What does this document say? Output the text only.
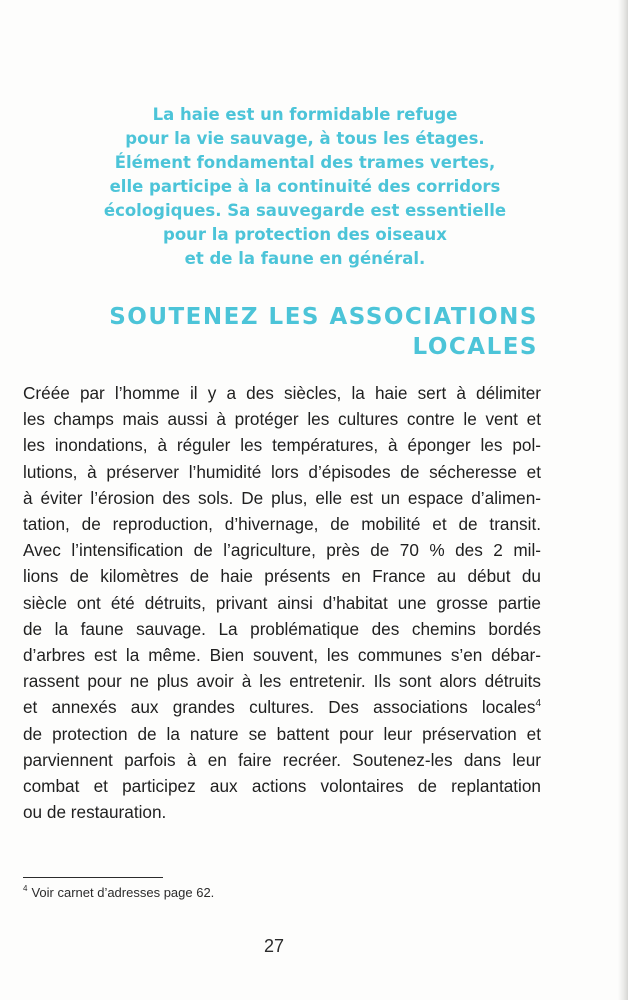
La haie est un formidable refuge
pour la vie sauvage, à tous les étages.
Élément fondamental des trames vertes,
elle participe à la continuité des corridors
écologiques. Sa sauvegarde est essentielle
pour la protection des oiseaux
et de la faune en général.
SOUTENEZ LES ASSOCIATIONS
LOCALES
Créée par l’homme il y a des siècles, la haie sert à délimiter
les champs mais aussi à protéger les cultures contre le vent et
les inondations, à réguler les températures, à éponger les pol-
lutions, à préserver l’humidité lors d’épisodes de sécheresse et
à éviter l’érosion des sols. De plus, elle est un espace d’alimen-
tation, de reproduction, d’hivernage, de mobilité et de transit.
Avec l’intensification de l’agriculture, près de 70 % des 2 mil-
lions de kilomètres de haie présents en France au début du
siècle ont été détruits, privant ainsi d’habitat une grosse partie
de la faune sauvage. La problématique des chemins bordés
d’arbres est la même. Bien souvent, les communes s’en débar-
rassent pour ne plus avoir à les entretenir. Ils sont alors détruits
et annexés aux grandes cultures. Des associations locales$^4$
de protection de la nature se battent pour leur préservation et
parviennent parfois à en faire recréer. Soutenez-les dans leur
combat et participez aux actions volontaires de replantation
ou de restauration.
$^4$ Voir carnet d’adresses page 62.
27
